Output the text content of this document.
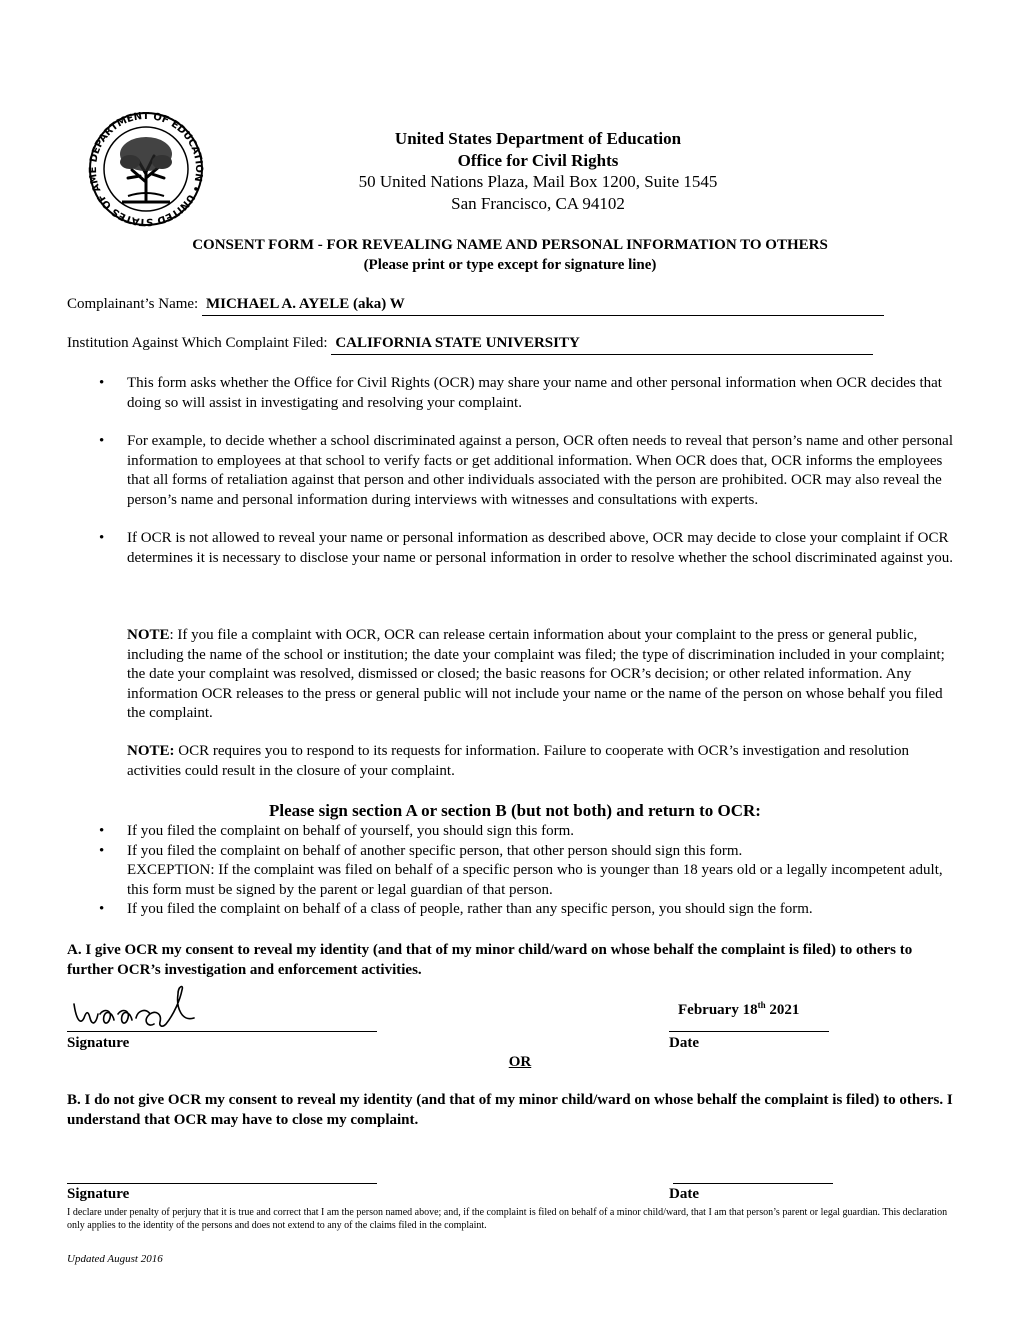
DEPARTMENT OF EDUCATION • UNITED STATES OF AME
United States Department of Education
Office for Civil Rights
50 United Nations Plaza, Mail Box 1200, Suite 1545
San Francisco, CA 94102
CONSENT FORM - FOR REVEALING NAME AND PERSONAL INFORMATION TO OTHERS
(Please print or type except for signature line)
Complainant’s Name: MICHAEL A. AYELE (aka) W
Institution Against Which Complaint Filed: CALIFORNIA STATE UNIVERSITY
• This form asks whether the Office for Civil Rights (OCR) may share your name and other personal information when OCR decides that doing so will assist in investigating and resolving your complaint.
• For example, to decide whether a school discriminated against a person, OCR often needs to reveal that person’s name and other personal information to employees at that school to verify facts or get additional information. When OCR does that, OCR informs the employees that all forms of retaliation against that person and other individuals associated with the person are prohibited. OCR may also reveal the person’s name and personal information during interviews with witnesses and consultations with experts.
• If OCR is not allowed to reveal your name or personal information as described above, OCR may decide to close your complaint if OCR determines it is necessary to disclose your name or personal information in order to resolve whether the school discriminated against you.
NOTE: If you file a complaint with OCR, OCR can release certain information about your complaint to the press or general public, including the name of the school or institution; the date your complaint was filed; the type of discrimination included in your complaint; the date your complaint was resolved, dismissed or closed; the basic reasons for OCR’s decision; or other related information. Any information OCR releases to the press or general public will not include your name or the name of the person on whose behalf you filed the complaint.
NOTE: OCR requires you to respond to its requests for information. Failure to cooperate with OCR’s investigation and resolution activities could result in the closure of your complaint.
Please sign section A or section B (but not both) and return to OCR:
• If you filed the complaint on behalf of yourself, you should sign this form.
• If you filed the complaint on behalf of another specific person, that other person should sign this form.
EXCEPTION: If the complaint was filed on behalf of a specific person who is younger than 18 years old or a legally incompetent adult, this form must be signed by the parent or legal guardian of that person.
• If you filed the complaint on behalf of a class of people, rather than any specific person, you should sign the form.
A. I give OCR my consent to reveal my identity (and that of my minor child/ward on whose behalf the complaint is filed) to others to further OCR’s investigation and enforcement activities.
February 18th 2021
Signature	Date
OR
B. I do not give OCR my consent to reveal my identity (and that of my minor child/ward on whose behalf the complaint is filed) to others. I understand that OCR may have to close my complaint.
Signature	Date
I declare under penalty of perjury that it is true and correct that I am the person named above; and, if the complaint is filed on behalf of a minor child/ward, that I am that person’s parent or legal guardian. This declaration only applies to the identity of the persons and does not extend to any of the claims filed in the complaint.
Updated August 2016
